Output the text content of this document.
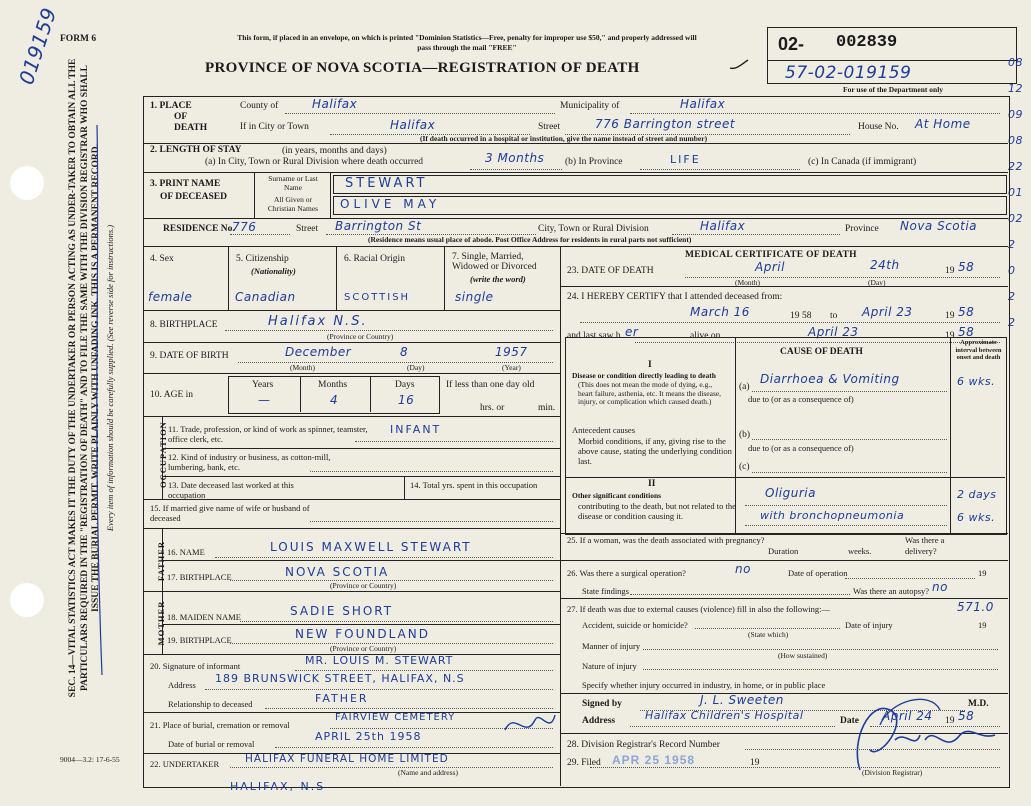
FORM 6	This form, if placed in an envelope, on which is printed "Dominion Statistics—Free, penalty for improper use $50," and properly addressed will pass through the mail "FREE"
PROVINCE OF NOVA SCOTIA—REGISTRATION OF DEATH
019159	02- 002839
57-02-019159
For use of the Department only
08
12
09
08
22
01
02
2
0
2
2
SEC. 14—VITAL STATISTICS ACT MAKES IT THE DUTY OF THE UNDERTAKER OR PERSON ACTING AS UNDER-TAKER TO OBTAIN ALL THE PARTICULARS REQUIRED IN THE "REGISTRATION OF DEATH" AND TO FILE THE SAME WITH THE DIVISION REGISTRAR WHO SHALL ISSUE THE BURIAL PERMIT. WRITE PLAINLY WITH UNFADING INK. THIS IS A PERMANENT RECORD. Every item of information should be carefully supplied. (See reverse side for instructions.)
1. PLACE
OF
DEATH
County of	Halifax	Municipality of	Halifax
If in City or Town	Halifax	Street	776 Barrington street	House No. At Home
(If death occurred in a hospital or institution, give the name instead of street and number)
2. LENGTH OF STAY	(in years, months and days)
(a) In City, Town or Rural Division where death occurred	3 Months (b) In Province	LIFE	(c) In Canada (if immigrant)
3. PRINT NAME
OF DECEASED
Surname or Last Name
All Given or Christian Names
STEWART
OLIVE MAY
RESIDENCE No.
776	Street Barrington St	City, Town or Rural Division	Halifax	Province Nova Scotia
(Residence means usual place of abode. Post Office Address for residents in rural parts not sufficient)
4. Sex	5. Citizenship
(Nationality)
6. Racial Origin	7. Single, Married, Widowed or Divorced
(write the word)
female	Canadian	SCOTTISH	single
8. BIRTHPLACE	Halifax N.S.
(Province or Country)
9. DATE OF BIRTH	December	8	1957
(Month)	(Day)	(Year)
10. AGE in
Years	Months	Days
—	4	16
If less than one day old
hrs. or	min.
OCCUPATION 11. Trade, profession, or kind of work as spinner, teamster, office clerk, etc.
INFANT
12. Kind of industry or business, as cotton-mill, lumbering, bank, etc.
13. Date deceased last worked at this occupation
14. Total yrs. spent in this occupation
15. If married give name of wife or husband of deceased
FATHER 16. NAME	LOUIS MAXWELL STEWART
17. BIRTHPLACE	NOVA SCOTIA
(Province or Country)
MOTHER 18. MAIDEN NAME	SADIE SHORT
19. BIRTHPLACE	NEW FOUNDLAND
(Province or Country)
20. Signature of informant	MR. LOUIS M. STEWART
Address 189 BRUNSWICK STREET, HALIFAX, N.S
Relationship to deceased	FATHER
21. Place of burial, cremation or removal
FAIRVIEW CEMETERY
Date of burial or removal
APRIL 25th 1958
22. UNDERTAKER HALIFAX FUNERAL HOME LIMITED
(Name and address)
HALIFAX, N.S
9004—3.2: 17-6-55
MEDICAL CERTIFICATE OF DEATH
23. DATE OF DEATH	April	24th	19 58
(Month)	(Day)
24. I HEREBY CERTIFY that I attended deceased from:
March 16	19 58 to April 23	19 58
and last saw h er	alive on	April 23	19 58
CAUSE OF DEATH
Approximate interval between onset and death
I
Disease or condition directly leading to death
(This does not mean the mode of dying, e.g., heart failure, asthenia, etc. It means the disease, injury, or complication which caused death.)
(a)
Diarrhoea & Vomiting	6 wks.
due to (or as a consequence of)
Antecedent causes
Morbid conditions, if any, giving rise to the above cause, stating the underlying condition last.
(b)
due to (or as a consequence of)
(c)
II
Other significant conditions
contributing to the death, but not related to the disease or condition causing it.
Oliguria	2 days
with bronchopneumonia	6 wks.
25. If a woman, was the death associated with pregnancy?
Duration	weeks.
Was there a delivery?
26. Was there a surgical operation?	no	Date of operation	19
State findings	Was there an autopsy? no
27. If death was due to external causes (violence) fill in also the following:—	571.0
Accident, suicide or homicide?	Date of injury	19
(State which)
Manner of injury
(How sustained)
Nature of injury
Specify whether injury occurred in industry, in home, or in public place
Signed by	J. L. Sweeten	M.D.
Address	Halifax Children's Hospital	Date April 24 19 58
28. Division Registrar's Record Number
29. Filed APR 25 1958	19
(Division Registrar)
